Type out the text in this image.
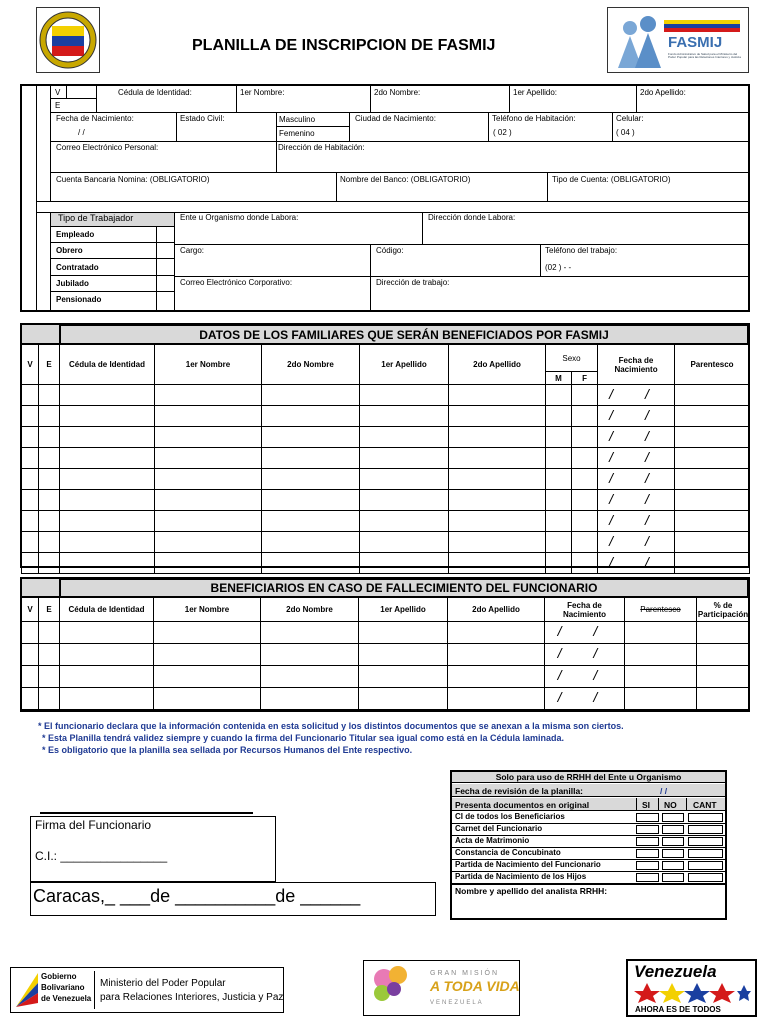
PLANILLA DE INSCRIPCION DE FASMIJ	FASMIJ
Fondo Administrativo de Salud para el Ministerio del Poder Popular para las Relaciones Interiores y Justicia
V
E
Cédula de Identidad:	1er Nombre:	2do Nombre:	1er Apellido:	2do Apellido:
Fecha de Nacimiento:
/ /
Estado Civil:	Masculino
Femenino
Ciudad de Nacimiento:	Teléfono de Habitación:
( 02 )
Celular:
( 04 )
Correo Electrónico Personal:	Dirección de Habitación:
Cuenta Bancaria Nomina: (OBLIGATORIO)	Nombre del Banco: (OBLIGATORIO)	Tipo de Cuenta: (OBLIGATORIO)
Tipo de Trabajador
Empleado
Obrero
Contratado
Jubilado
Pensionado
Ente u Organismo donde Labora:	Dirección donde Labora:
Cargo:	Código:	Teléfono del trabajo:
(02 ) - -
Correo Electrónico Corporativo:	Dirección de trabajo:
DATOS DE LOS FAMILIARES QUE SERÁN BENEFICIADOS POR FASMIJ
V	E	Cédula de Identidad	1er Nombre	2do Nombre	1er Apellido	2do Apellido	Sexo		Fecha de Nacimiento	Parentesco
							M	F		
									/ /	
									/ /	
									/ /	
									/ /	
									/ /	
									/ /	
									/ /	
									/ /	
									/ /	
BENEFICIARIOS EN CASO DE FALLECIMIENTO DEL FUNCIONARIO
V	E	Cédula de Identidad	1er Nombre	2do Nombre	1er Apellido	2do Apellido	Fecha de Nacimiento	Parentesco	% de Participación
							/ /		
							/ /		
							/ /		
							/ /		
* El funcionario declara que la información contenida en esta solicitud y los distintos documentos que se anexan a la misma son ciertos.
* Esta Planilla tendrá validez siempre y cuando la firma del Funcionario Titular sea igual como está en la Cédula laminada.
* Es obligatorio que la planilla sea sellada por Recursos Humanos del Ente respectivo.
Firma del Funcionario
C.I.: ________________
Caracas,_ ___de __________de ______
Solo para uso de RRHH del Ente u Organismo
Fecha de revisión de la planilla:	/ /
Presenta documentos en original	SI NO CANT
CI de todos los Beneficiarios
Carnet del Funcionario
Acta de Matrimonio
Constancia de Concubinato
Partida de Nacimiento del Funcionario
Partida de Nacimiento de los Hijos
Nombre y apellido del analista RRHH:
Gobierno
Bolivariano
de Venezuela
Ministerio del Poder Popular
para Relaciones Interiores, Justicia y Paz
GRAN MISIÓN
A TODA VIDA
VENEZUELA
Venezuela
AHORA ES DE TODOS
